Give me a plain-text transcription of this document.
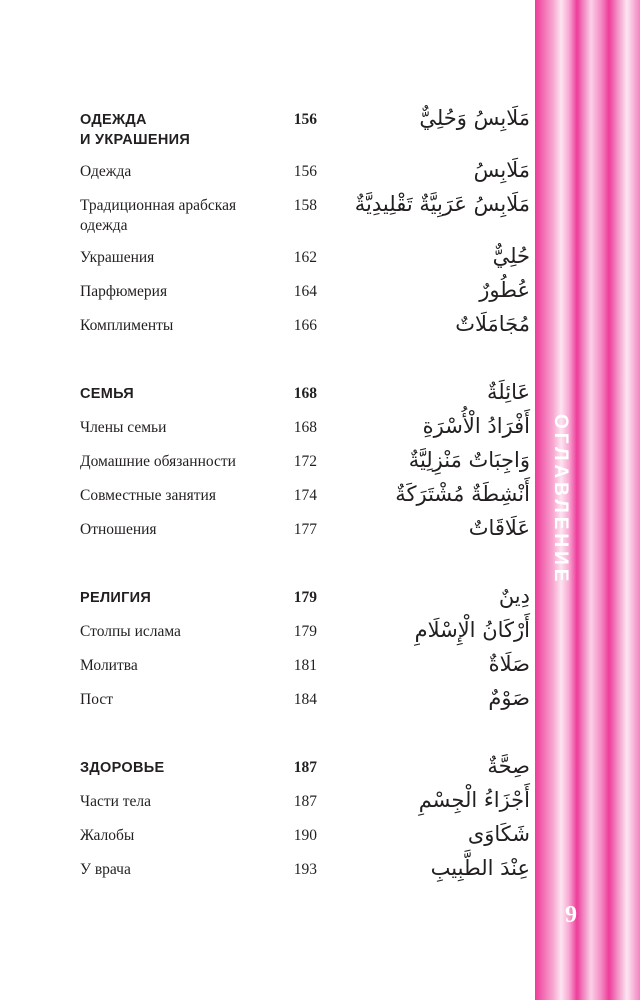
ОДЕЖДА
И УКРАШЕНИЯ
156	مَلَابِسُ وَحُلِيٌّ
Одежда	156	مَلَابِسُ
Традиционная арабская одежда
158 مَلَابِسُ عَرَبِيَّةٌ تَقْلِيدِيَّةٌ
Украшения	162	حُلِيٌّ
Парфюмерия	164	عُطُورٌ
Комплименты	166	مُجَامَلَاتٌ
СЕМЬЯ	168	عَائِلَةٌ
Члены семьи	168	أَفْرَادُ الْأُسْرَةِ
Домашние обязанности	172	وَاجِبَاتٌ مَنْزِلِيَّةٌ
Совместные занятия	174	أَنْشِطَةٌ مُشْتَرَكَةٌ
Отношения	177	عَلَاقَاتٌ
РЕЛИГИЯ	179	دِينٌ
Столпы ислама	179	أَرْكَانُ الْإِسْلَامِ
Молитва	181	صَلَاةٌ
Пост	184	صَوْمٌ
ЗДОРОВЬЕ	187	صِحَّةٌ
Части тела	187	أَجْزَاءُ الْجِسْمِ
Жалобы	190	شَكَاوَى
У врача	193	عِنْدَ الطَّبِيبِ
ОГЛАВЛЕНИЕ
9
